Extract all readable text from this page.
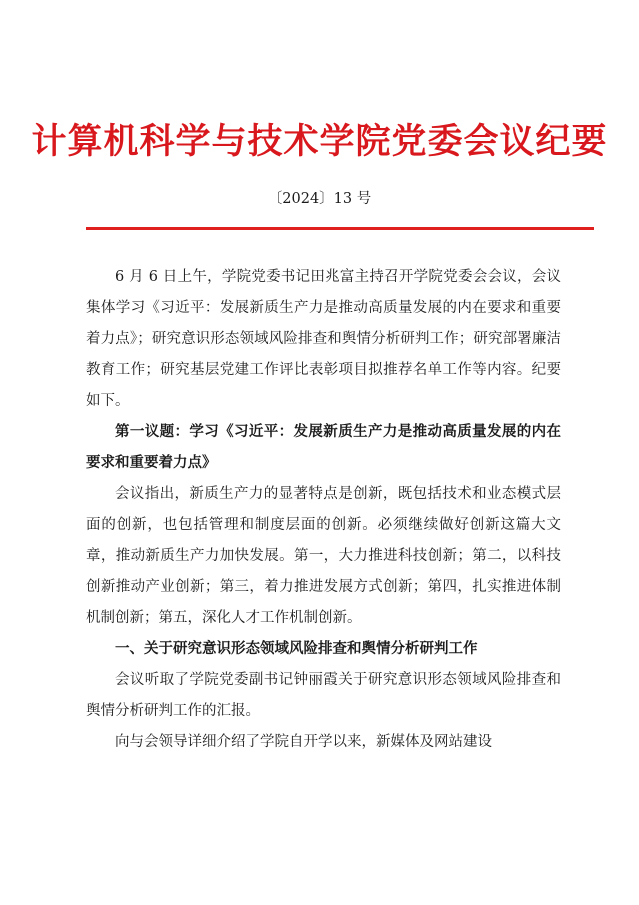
计算机科学与技术学院党委会议纪要
〔2024〕13 号

6 月 6 日上午，学院党委书记田兆富主持召开学院党委会会议，会议集体学习《习近平：发展新质生产力是推动高质量发展的内在要求和重要着力点》；研究意识形态领域风险排查和舆情分析研判工作；研究部署廉洁教育工作；研究基层党建工作评比表彰项目拟推荐名单工作等内容。纪要如下。

第一议题：学习《习近平：发展新质生产力是推动高质量发展的内在要求和重要着力点》

会议指出，新质生产力的显著特点是创新，既包括技术和业态模式层面的创新，也包括管理和制度层面的创新。必须继续做好创新这篇大文章，推动新质生产力加快发展。第一，大力推进科技创新；第二，以科技创新推动产业创新；第三，着力推进发展方式创新；第四，扎实推进体制机制创新；第五，深化人才工作机制创新。

一、关于研究意识形态领域风险排查和舆情分析研判工作

会议听取了学院党委副书记钟丽霞关于研究意识形态领域风险排查和舆情分析研判工作的汇报。

向与会领导详细介绍了学院自开学以来，新媒体及网站建设
